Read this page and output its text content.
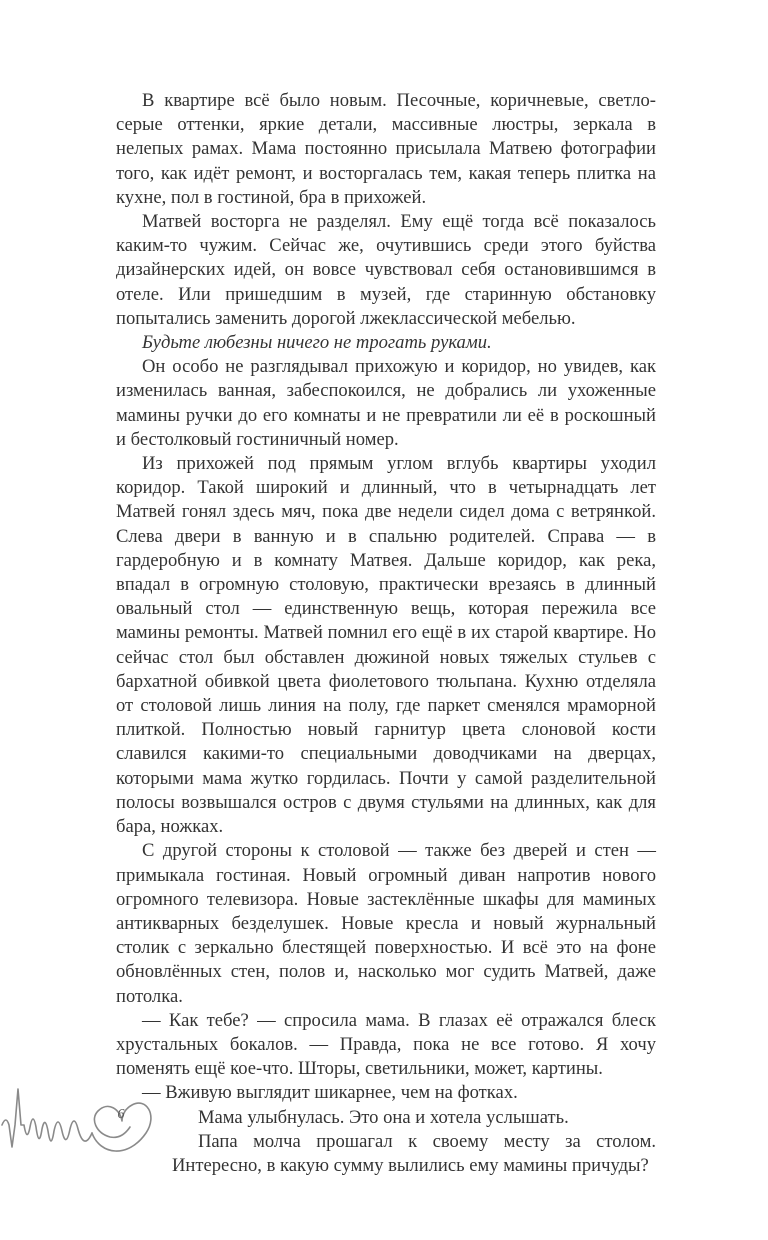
В квартире всё было новым. Песочные, коричневые, светло-серые оттенки, яркие детали, массивные люстры, зеркала в нелепых рамах. Мама постоянно присылала Матвею фотографии того, как идёт ремонт, и восторгалась тем, какая теперь плитка на кухне, пол в гостиной, бра в прихожей.

Матвей восторга не разделял. Ему ещё тогда всё показалось каким-то чужим. Сейчас же, очутившись среди этого буйства дизайнерских идей, он вовсе чувствовал себя остановившимся в отеле. Или пришедшим в музей, где старинную обстановку попытались заменить дорогой лжеклассической мебелью.

Будьте любезны ничего не трогать руками.

Он особо не разглядывал прихожую и коридор, но увидев, как изменилась ванная, забеспокоился, не добрались ли ухоженные мамины ручки до его комнаты и не превратили ли её в роскошный и бестолковый гостиничный номер.

Из прихожей под прямым углом вглубь квартиры уходил коридор. Такой широкий и длинный, что в четырнадцать лет Матвей гонял здесь мяч, пока две недели сидел дома с ветрянкой. Слева двери в ванную и в спальню родителей. Справа — в гардеробную и в комнату Матвея. Дальше коридор, как река, впадал в огромную столовую, практически врезаясь в длинный овальный стол — единственную вещь, которая пережила все мамины ремонты. Матвей помнил его ещё в их старой квартире. Но сейчас стол был обставлен дюжиной новых тяжелых стульев с бархатной обивкой цвета фиолетового тюльпана. Кухню отделяла от столовой лишь линия на полу, где паркет сменялся мраморной плиткой. Полностью новый гарнитур цвета слоновой кости славился какими-то специальными доводчиками на дверцах, которыми мама жутко гордилась. Почти у самой разделительной полосы возвышался остров с двумя стульями на длинных, как для бара, ножках.

С другой стороны к столовой — также без дверей и стен — примыкала гостиная. Новый огромный диван напротив нового огромного телевизора. Новые застеклённые шкафы для маминых антикварных безделушек. Новые кресла и новый журнальный столик с зеркально блестящей поверхностью. И всё это на фоне обновлённых стен, полов и, насколько мог судить Матвей, даже потолка.

— Как тебе? — спросила мама. В глазах её отражался блеск хрустальных бокалов. — Правда, пока не все готово. Я хочу поменять ещё кое-что. Шторы, светильники, может, картины.

— Вживую выглядит шикарнее, чем на фотках.

Мама улыбнулась. Это она и хотела услышать.

Папа молча прошагал к своему месту за столом. Интересно, в какую сумму вылились ему мамины причуды?

6
